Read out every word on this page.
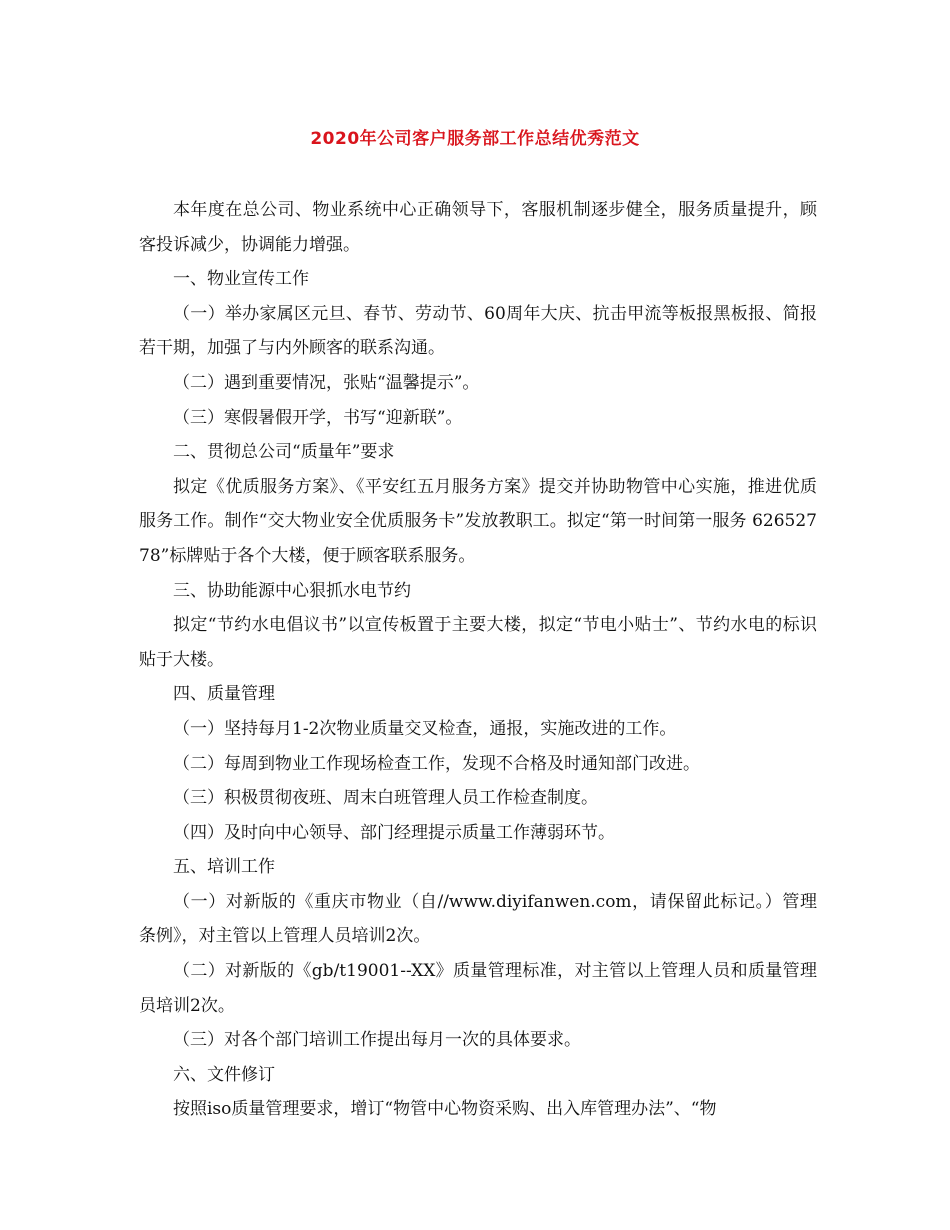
2020年公司客户服务部工作总结优秀范文

本年度在总公司、物业系统中心正确领导下，客服机制逐步健全，服务质量提升，顾客投诉减少，协调能力增强。

一、物业宣传工作

（一）举办家属区元旦、春节、劳动节、60周年大庆、抗击甲流等板报黑板报、简报若干期，加强了与内外顾客的联系沟通。

（二）遇到重要情况，张贴“温馨提示”。

（三）寒假暑假开学，书写“迎新联”。

二、贯彻总公司“质量年”要求

拟定《优质服务方案》、《平安红五月服务方案》提交并协助物管中心实施，推进优质服务工作。制作“交大物业安全优质服务卡”发放教职工。拟定“第一时间第一服务 62652778”标牌贴于各个大楼，便于顾客联系服务。

三、协助能源中心狠抓水电节约

拟定“节约水电倡议书”以宣传板置于主要大楼，拟定“节电小贴士”、节约水电的标识贴于大楼。

四、质量管理

（一）坚持每月1-2次物业质量交叉检查，通报，实施改进的工作。

（二）每周到物业工作现场检查工作，发现不合格及时通知部门改进。

（三）积极贯彻夜班、周末白班管理人员工作检查制度。

（四）及时向中心领导、部门经理提示质量工作薄弱环节。

五、培训工作

（一）对新版的《重庆市物业（自//www.diyifanwen.com，请保留此标记。）管理条例》，对主管以上管理人员培训2次。

（二）对新版的《gb/t19001--XX》质量管理标准，对主管以上管理人员和质量管理员培训2次。

（三）对各个部门培训工作提出每月一次的具体要求。

六、文件修订

按照iso质量管理要求，增订“物管中心物资采购、出入库管理办法”、“物
